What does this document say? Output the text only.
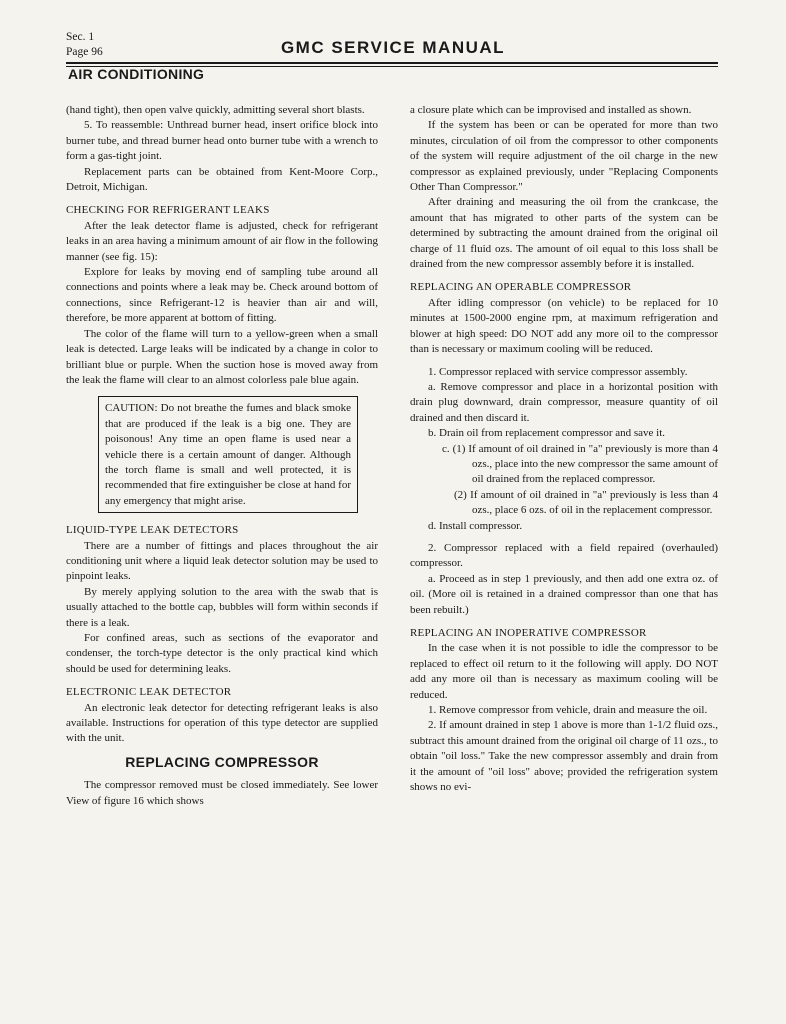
Sec. 1
Page 96	GMC SERVICE MANUAL
AIR CONDITIONING

(hand tight), then open valve quickly, admitting several short blasts.

5. To reassemble: Unthread burner head, insert orifice block into burner tube, and thread burner head onto burner tube with a wrench to form a gas-tight joint.

Replacement parts can be obtained from Kent-Moore Corp., Detroit, Michigan.

CHECKING FOR REFRIGERANT LEAKS

After the leak detector flame is adjusted, check for refrigerant leaks in an area having a minimum amount of air flow in the following manner (see fig. 15):

Explore for leaks by moving end of sampling tube around all connections and points where a leak may be. Check around bottom of connections, since Refrigerant-12 is heavier than air and will, therefore, be more apparent at bottom of fitting.

The color of the flame will turn to a yellow-green when a small leak is detected. Large leaks will be indicated by a change in color to brilliant blue or purple. When the suction hose is moved away from the leak the flame will clear to an almost colorless pale blue again.

CAUTION: Do not breathe the fumes and black smoke that are produced if the leak is a big one. They are poisonous! Any time an open flame is used near a vehicle there is a certain amount of danger. Although the torch flame is small and well protected, it is recommended that fire extinguisher be close at hand for any emergency that might arise.

LIQUID-TYPE LEAK DETECTORS

There are a number of fittings and places throughout the air conditioning unit where a liquid leak detector solution may be used to pinpoint leaks.

By merely applying solution to the area with the swab that is usually attached to the bottle cap, bubbles will form within seconds if there is a leak.

For confined areas, such as sections of the evaporator and condenser, the torch-type detector is the only practical kind which should be used for determining leaks.

ELECTRONIC LEAK DETECTOR

An electronic leak detector for detecting refrigerant leaks is also available. Instructions for operation of this type detector are supplied with the unit.

REPLACING COMPRESSOR

The compressor removed must be closed immediately. See lower View of figure 16 which shows

a closure plate which can be improvised and installed as shown.

If the system has been or can be operated for more than two minutes, circulation of oil from the compressor to other components of the system will require adjustment of the oil charge in the new compressor as explained previously, under "Replacing Components Other Than Compressor."

After draining and measuring the oil from the crankcase, the amount that has migrated to other parts of the system can be determined by subtracting the amount drained from the original oil charge of 11 fluid ozs. The amount of oil equal to this loss shall be drained from the new compressor assembly before it is installed.

REPLACING AN OPERABLE COMPRESSOR

After idling compressor (on vehicle) to be replaced for 10 minutes at 1500-2000 engine rpm, at maximum refrigeration and blower at high speed: DO NOT add any more oil to the compressor than is necessary or maximum cooling will be reduced.

1. Compressor replaced with service compressor assembly.

a. Remove compressor and place in a horizontal position with drain plug downward, drain compressor, measure quantity of oil drained and then discard it.

b. Drain oil from replacement compressor and save it.

c. (1) If amount of oil drained in "a" previously is more than 4 ozs., place into the new compressor the same amount of oil drained from the replaced compressor.

(2) If amount of oil drained in "a" previously is less than 4 ozs., place 6 ozs. of oil in the replacement compressor.

d. Install compressor.

2. Compressor replaced with a field repaired (overhauled) compressor.

a. Proceed as in step 1 previously, and then add one extra oz. of oil. (More oil is retained in a drained compressor than one that has been rebuilt.)

REPLACING AN INOPERATIVE COMPRESSOR

In the case when it is not possible to idle the compressor to be replaced to effect oil return to it the following will apply. DO NOT add any more oil than is necessary as maximum cooling will be reduced.

1. Remove compressor from vehicle, drain and measure the oil.

2. If amount drained in step 1 above is more than 1-1/2 fluid ozs., subtract this amount drained from the original oil charge of 11 ozs., to obtain "oil loss." Take the new compressor assembly and drain from it the amount of "oil loss" above; provided the refrigeration system shows no evi-
